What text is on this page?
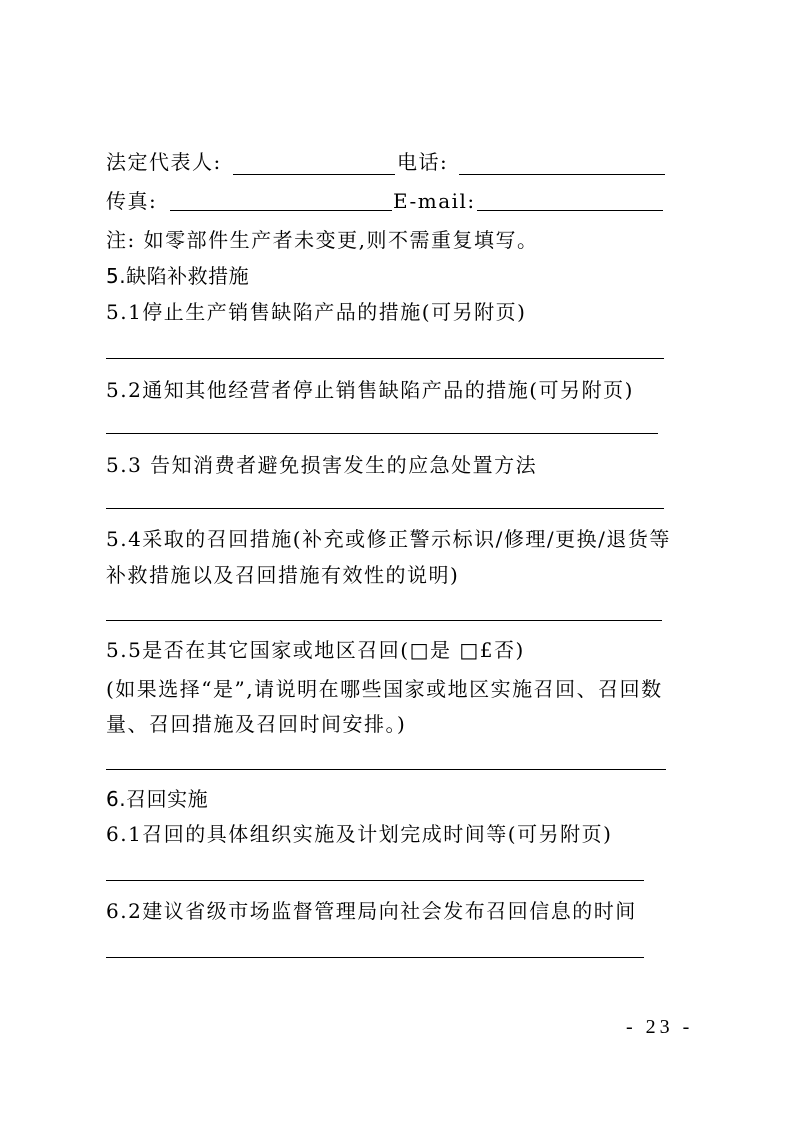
法定代表人:	电话:
传真:	E-mail:
注: 如零部件生产者未变更,则不需重复填写。
5.缺陷补救措施
5.1停止生产销售缺陷产品的措施(可另附页)
5.2通知其他经营者停止销售缺陷产品的措施(可另附页)
5.3 告知消费者避免损害发生的应急处置方法
5.4采取的召回措施(补充或修正警示标识/修理/更换/退货等
补救措施以及召回措施有效性的说明)
5.5是否在其它国家或地区召回(□是 □£否)
(如果选择“是”,请说明在哪些国家或地区实施召回、召回数
量、召回措施及召回时间安排。)
6.召回实施
6.1召回的具体组织实施及计划完成时间等(可另附页)
6.2建议省级市场监督管理局向社会发布召回信息的时间
- 23 -
